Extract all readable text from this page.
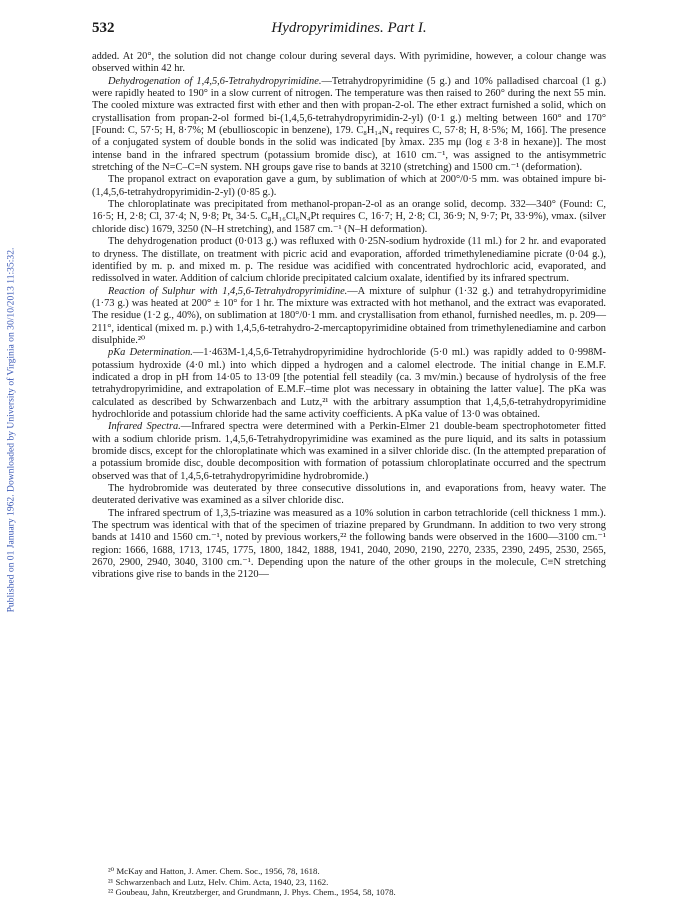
532	Hydropyrimidines. Part I.
Published on 01 January 1962. Downloaded by University of Virginia on 30/10/2013 11:35:32.

added. At 20°, the solution did not change colour during several days. With pyrimidine, however, a colour change was observed within 42 hr.

Dehydrogenation of 1,4,5,6-Tetrahydropyrimidine.—Tetrahydropyrimidine (5 g.) and 10% palladised charcoal (1 g.) were rapidly heated to 190° in a slow current of nitrogen. The temperature was then raised to 260° during the next 55 min. The cooled mixture was extracted first with ether and then with propan-2-ol. The ether extract furnished a solid, which on crystallisation from propan-2-ol formed bi-(1,4,5,6-tetrahydropyrimidin-2-yl) (0·1 g.) melting between 160° and 170° [Found: C, 57·5; H, 8·7%; M (ebullioscopic in benzene), 179. C₈H₁₄N₄ requires C, 57·8; H, 8·5%; M, 166]. The presence of a conjugated system of double bonds in the solid was indicated [by λmax. 235 mμ (log ε 3·8 in hexane)]. The most intense band in the infrared spectrum (potassium bromide disc), at 1610 cm.⁻¹, was assigned to the antisymmetric stretching of the N=C–C=N system. NH groups gave rise to bands at 3210 (stretching) and 1500 cm.⁻¹ (deformation).

The propanol extract on evaporation gave a gum, by sublimation of which at 200°/0·5 mm. was obtained impure bi-(1,4,5,6-tetrahydropyrimidin-2-yl) (0·85 g.).

The chloroplatinate was precipitated from methanol-propan-2-ol as an orange solid, decomp. 332—340° (Found: C, 16·5; H, 2·8; Cl, 37·4; N, 9·8; Pt, 34·5. C₈H₁₆Cl₆N₄Pt requires C, 16·7; H, 2·8; Cl, 36·9; N, 9·7; Pt, 33·9%), νmax. (silver chloride disc) 1679, 3250 (N–H stretching), and 1587 cm.⁻¹ (N–H deformation).

The dehydrogenation product (0·013 g.) was refluxed with 0·25N-sodium hydroxide (11 ml.) for 2 hr. and evaporated to dryness. The distillate, on treatment with picric acid and evaporation, afforded trimethylenediamine picrate (0·04 g.), identified by m. p. and mixed m. p. The residue was acidified with concentrated hydrochloric acid, evaporated, and redissolved in water. Addition of calcium chloride precipitated calcium oxalate, identified by its infrared spectrum.

Reaction of Sulphur with 1,4,5,6-Tetrahydropyrimidine.—A mixture of sulphur (1·32 g.) and tetrahydropyrimidine (1·73 g.) was heated at 200° ± 10° for 1 hr. The mixture was extracted with hot methanol, and the extract was evaporated. The residue (1·2 g., 40%), on sublimation at 180°/0·1 mm. and crystallisation from ethanol, furnished needles, m. p. 209—211°, identical (mixed m. p.) with 1,4,5,6-tetrahydro-2-mercaptopyrimidine obtained from trimethylenediamine and carbon disulphide.²⁰

pKa Determination.—1·463M-1,4,5,6-Tetrahydropyrimidine hydrochloride (5·0 ml.) was rapidly added to 0·998M-potassium hydroxide (4·0 ml.) into which dipped a hydrogen and a calomel electrode. The initial change in E.M.F. indicated a drop in pH from 14·05 to 13·09 [the potential fell steadily (ca. 3 mv/min.) because of hydrolysis of the free tetrahydropyrimidine, and extrapolation of E.M.F.–time plot was necessary in obtaining the latter value]. The pKa was calculated as described by Schwarzenbach and Lutz,²¹ with the arbitrary assumption that 1,4,5,6-tetrahydropyrimidine hydrochloride and potassium chloride had the same activity coefficients. A pKa value of 13·0 was obtained.

Infrared Spectra.—Infrared spectra were determined with a Perkin-Elmer 21 double-beam spectrophotometer fitted with a sodium chloride prism. 1,4,5,6-Tetrahydropyrimidine was examined as the pure liquid, and its salts in potassium bromide discs, except for the chloroplatinate which was examined in a silver chloride disc. (In the attempted preparation of a potassium bromide disc, double decomposition with formation of potassium chloroplatinate occurred and the spectrum observed was that of 1,4,5,6-tetrahydropyrimidine hydrobromide.)

The hydrobromide was deuterated by three consecutive dissolutions in, and evaporations from, heavy water. The deuterated derivative was examined as a silver chloride disc.

The infrared spectrum of 1,3,5-triazine was measured as a 10% solution in carbon tetrachloride (cell thickness 1 mm.). The spectrum was identical with that of the specimen of triazine prepared by Grundmann. In addition to two very strong bands at 1410 and 1560 cm.⁻¹, noted by previous workers,²² the following bands were observed in the 1600—3100 cm.⁻¹ region: 1666, 1688, 1713, 1745, 1775, 1800, 1842, 1888, 1941, 2040, 2090, 2190, 2270, 2335, 2390, 2495, 2530, 2565, 2670, 2900, 2940, 3040, 3100 cm.⁻¹. Depending upon the nature of the other groups in the molecule, C≡N stretching vibrations give rise to bands in the 2120—

²⁰ McKay and Hatton, J. Amer. Chem. Soc., 1956, 78, 1618.
²¹ Schwarzenbach and Lutz, Helv. Chim. Acta, 1940, 23, 1162.
²² Goubeau, Jahn, Kreutzberger, and Grundmann, J. Phys. Chem., 1954, 58, 1078.
